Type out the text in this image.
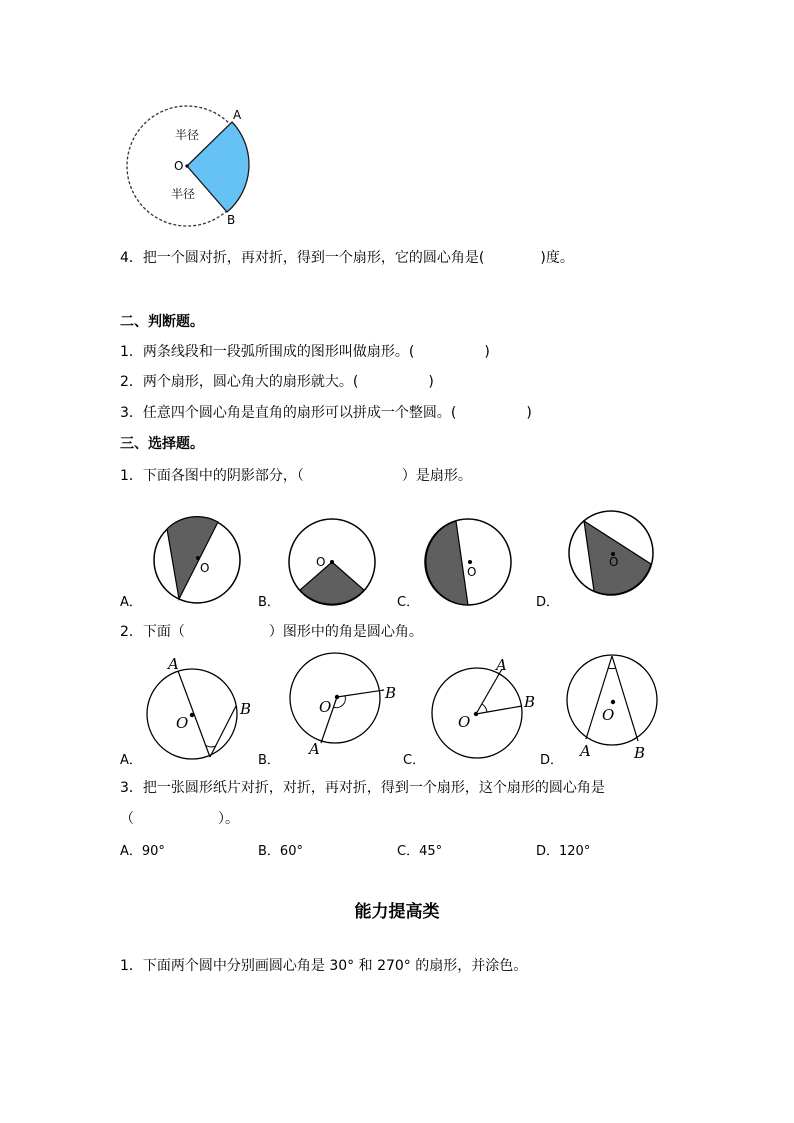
A
B
O
半径
半径
4．把一个圆对折，再对折，得到一个扇形，它的圆心角是(　　　　)度。
二、判断题。
1．两条线段和一段弧所围成的图形叫做扇形。(　　　　　)
2．两个扇形，圆心角大的扇形就大。(　　　　　)
3．任意四个圆心角是直角的扇形可以拼成一个整圆。(　　　　　)
三、选择题。
1．下面各图中的阴影部分，（　　　　　　　）是扇形。
O	O
O
O
A．	B．	C．	D．
2．下面（　　　　　　）图形中的角是圆心角。
A
B
O
B
A
O
A
B
O
A	B
O
A．	B．	C．	D．
3．把一张圆形纸片对折，对折，再对折，得到一个扇形，这个扇形的圆心角是
（　　　　　　）。
A．90°	B．60°	C．45°	D．120°
能力提高类
1．下面两个圆中分别画圆心角是 30° 和 270° 的扇形，并涂色。
